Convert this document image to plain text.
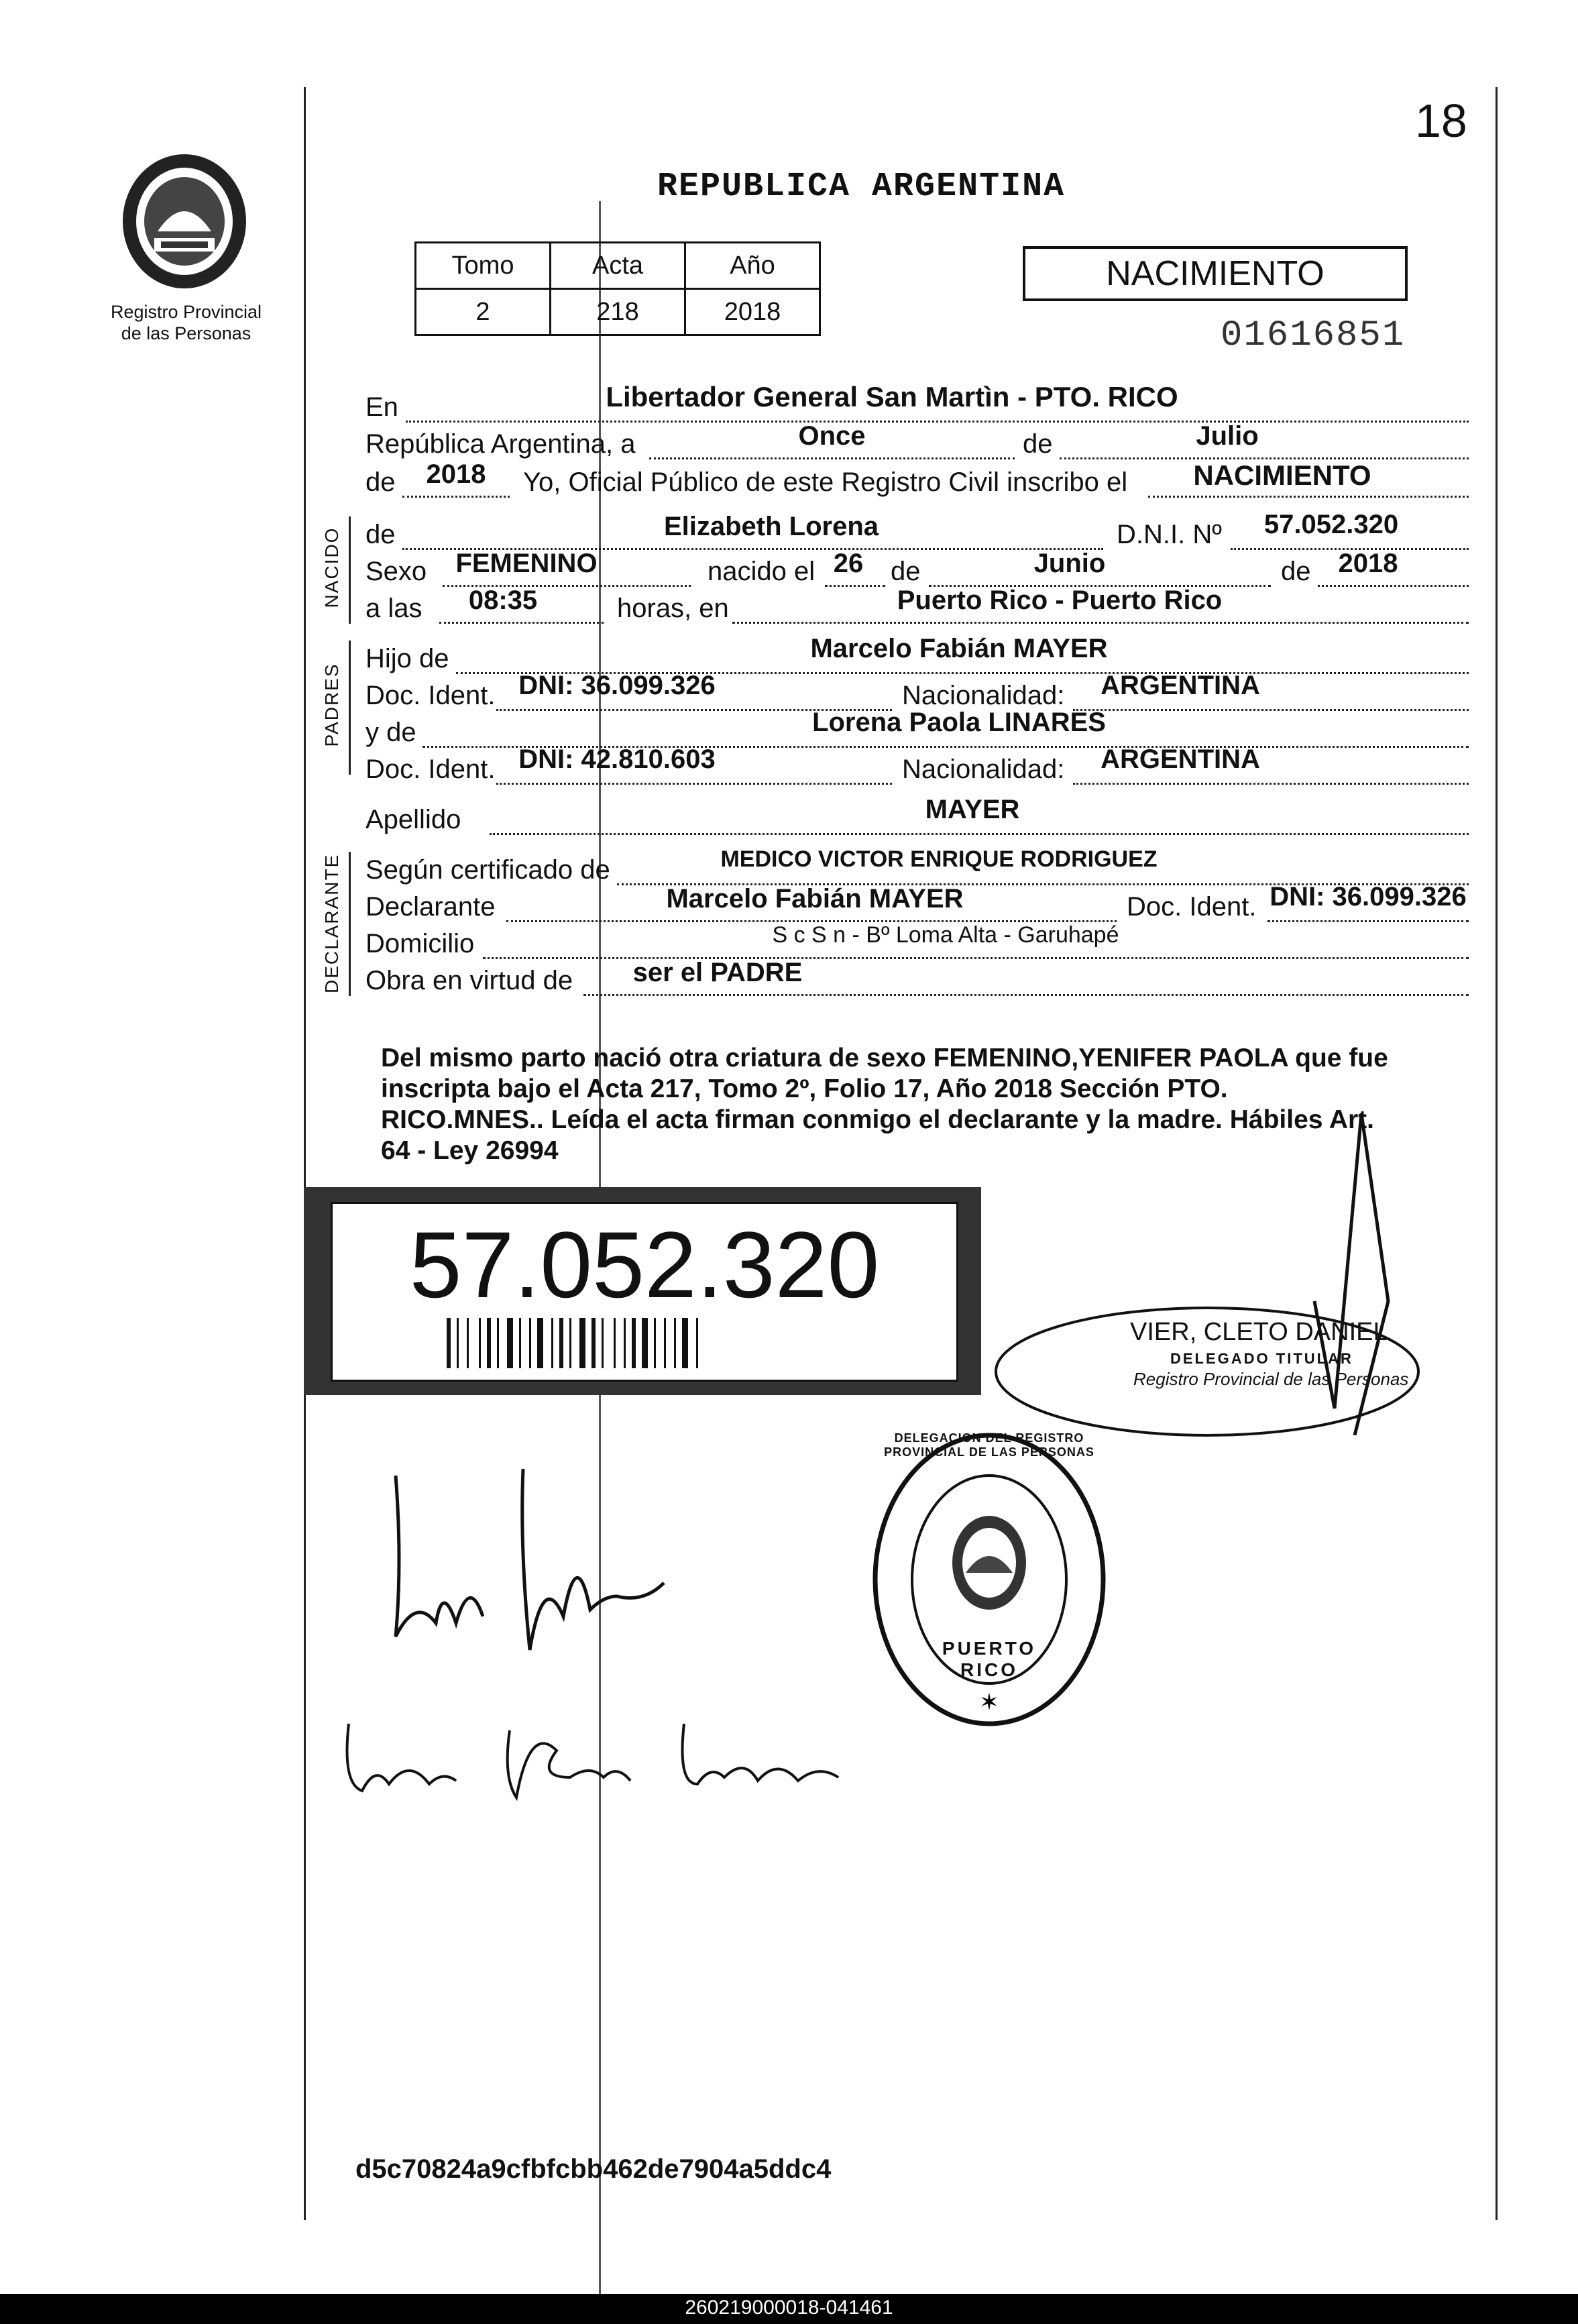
18
Registro Provincial
de las Personas
REPUBLICA ARGENTINA
Tomo	Acta	Año
2	218	2018
NACIMIENTO
01616851
En	Libertador General San Martìn - PTO. RICO
República Argentina, a	Once	de	Julio
de	2018	Yo, Oficial Público de este Registro Civil inscribo el	NACIMIENTO
NACIDO de	Elizabeth Lorena	D.N.I. Nº	57.052.320
Sexo	FEMENINO	nacido el 26	de	Junio	de	2018
a las	08:35	horas, en	Puerto Rico - Puerto Rico
PADRES
Hijo de	Marcelo Fabián MAYER
Doc. Ident. DNI: 36.099.326	Nacionalidad:	ARGENTINA
y de	Lorena Paola LINARES
Doc. Ident. DNI: 42.810.603	Nacionalidad:	ARGENTINA
Apellido	MAYER
DECLARANTE Según certificado de	MEDICO VICTOR ENRIQUE RODRIGUEZ
Declarante	Marcelo Fabián MAYER	Doc. Ident. DNI: 36.099.326
Domicilio	S c S n - Bº Loma Alta - Garuhapé
Obra en virtud de	ser el PADRE
Del mismo parto nació otra criatura de sexo FEMENINO,YENIFER PAOLA que fue
inscripta bajo el Acta 217, Tomo 2º, Folio 17, Año 2018 Sección PTO.
RICO.MNES.. Leída el acta firman conmigo el declarante y la madre. Hábiles Art.
64 - Ley 26994
57.052.320
VIER, CLETO DANIEL
DELEGADO TITULAR
Registro Provincial de las Personas
✶
DELEGACION DEL REGISTRO PROVINCIAL DE LAS PERSONAS
PUERTO RICO
d5c70824a9cfbfcbb462de7904a5ddc4
260219000018-041461
